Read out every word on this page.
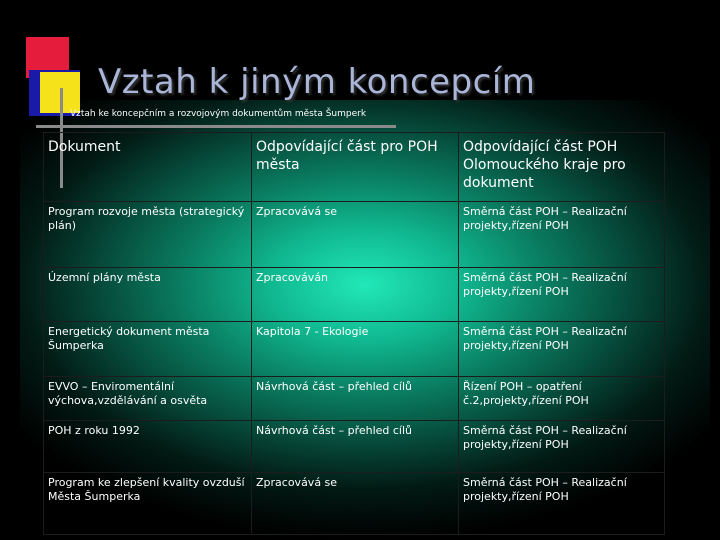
Vztah k jiným koncepcím
Vztah ke koncepčním a rozvojovým dokumentům města Šumperk
Dokument	Odpovídající část pro POH města	Odpovídající část POH Olomouckého kraje pro dokument
Program rozvoje města (strategický plán)	Zpracovává se	Směrná část POH – Realizační projekty,řízení POH
Územní plány města	Zpracováván	Směrná část POH – Realizační projekty,řízení POH
Energetický dokument města Šumperka	Kapitola 7 - Ekologie	Směrná část POH – Realizační projekty,řízení POH
EVVO – Enviromentální výchova,vzdělávání a osvěta	Návrhová část – přehled cílů	Řízení POH – opatření č.2,projekty,řízení POH
POH z roku 1992	Návrhová část – přehled cílů	Směrná část POH – Realizační projekty,řízení POH
Program ke zlepšení kvality ovzduší Města Šumperka	Zpracovává se	Směrná část POH – Realizační projekty,řízení POH
